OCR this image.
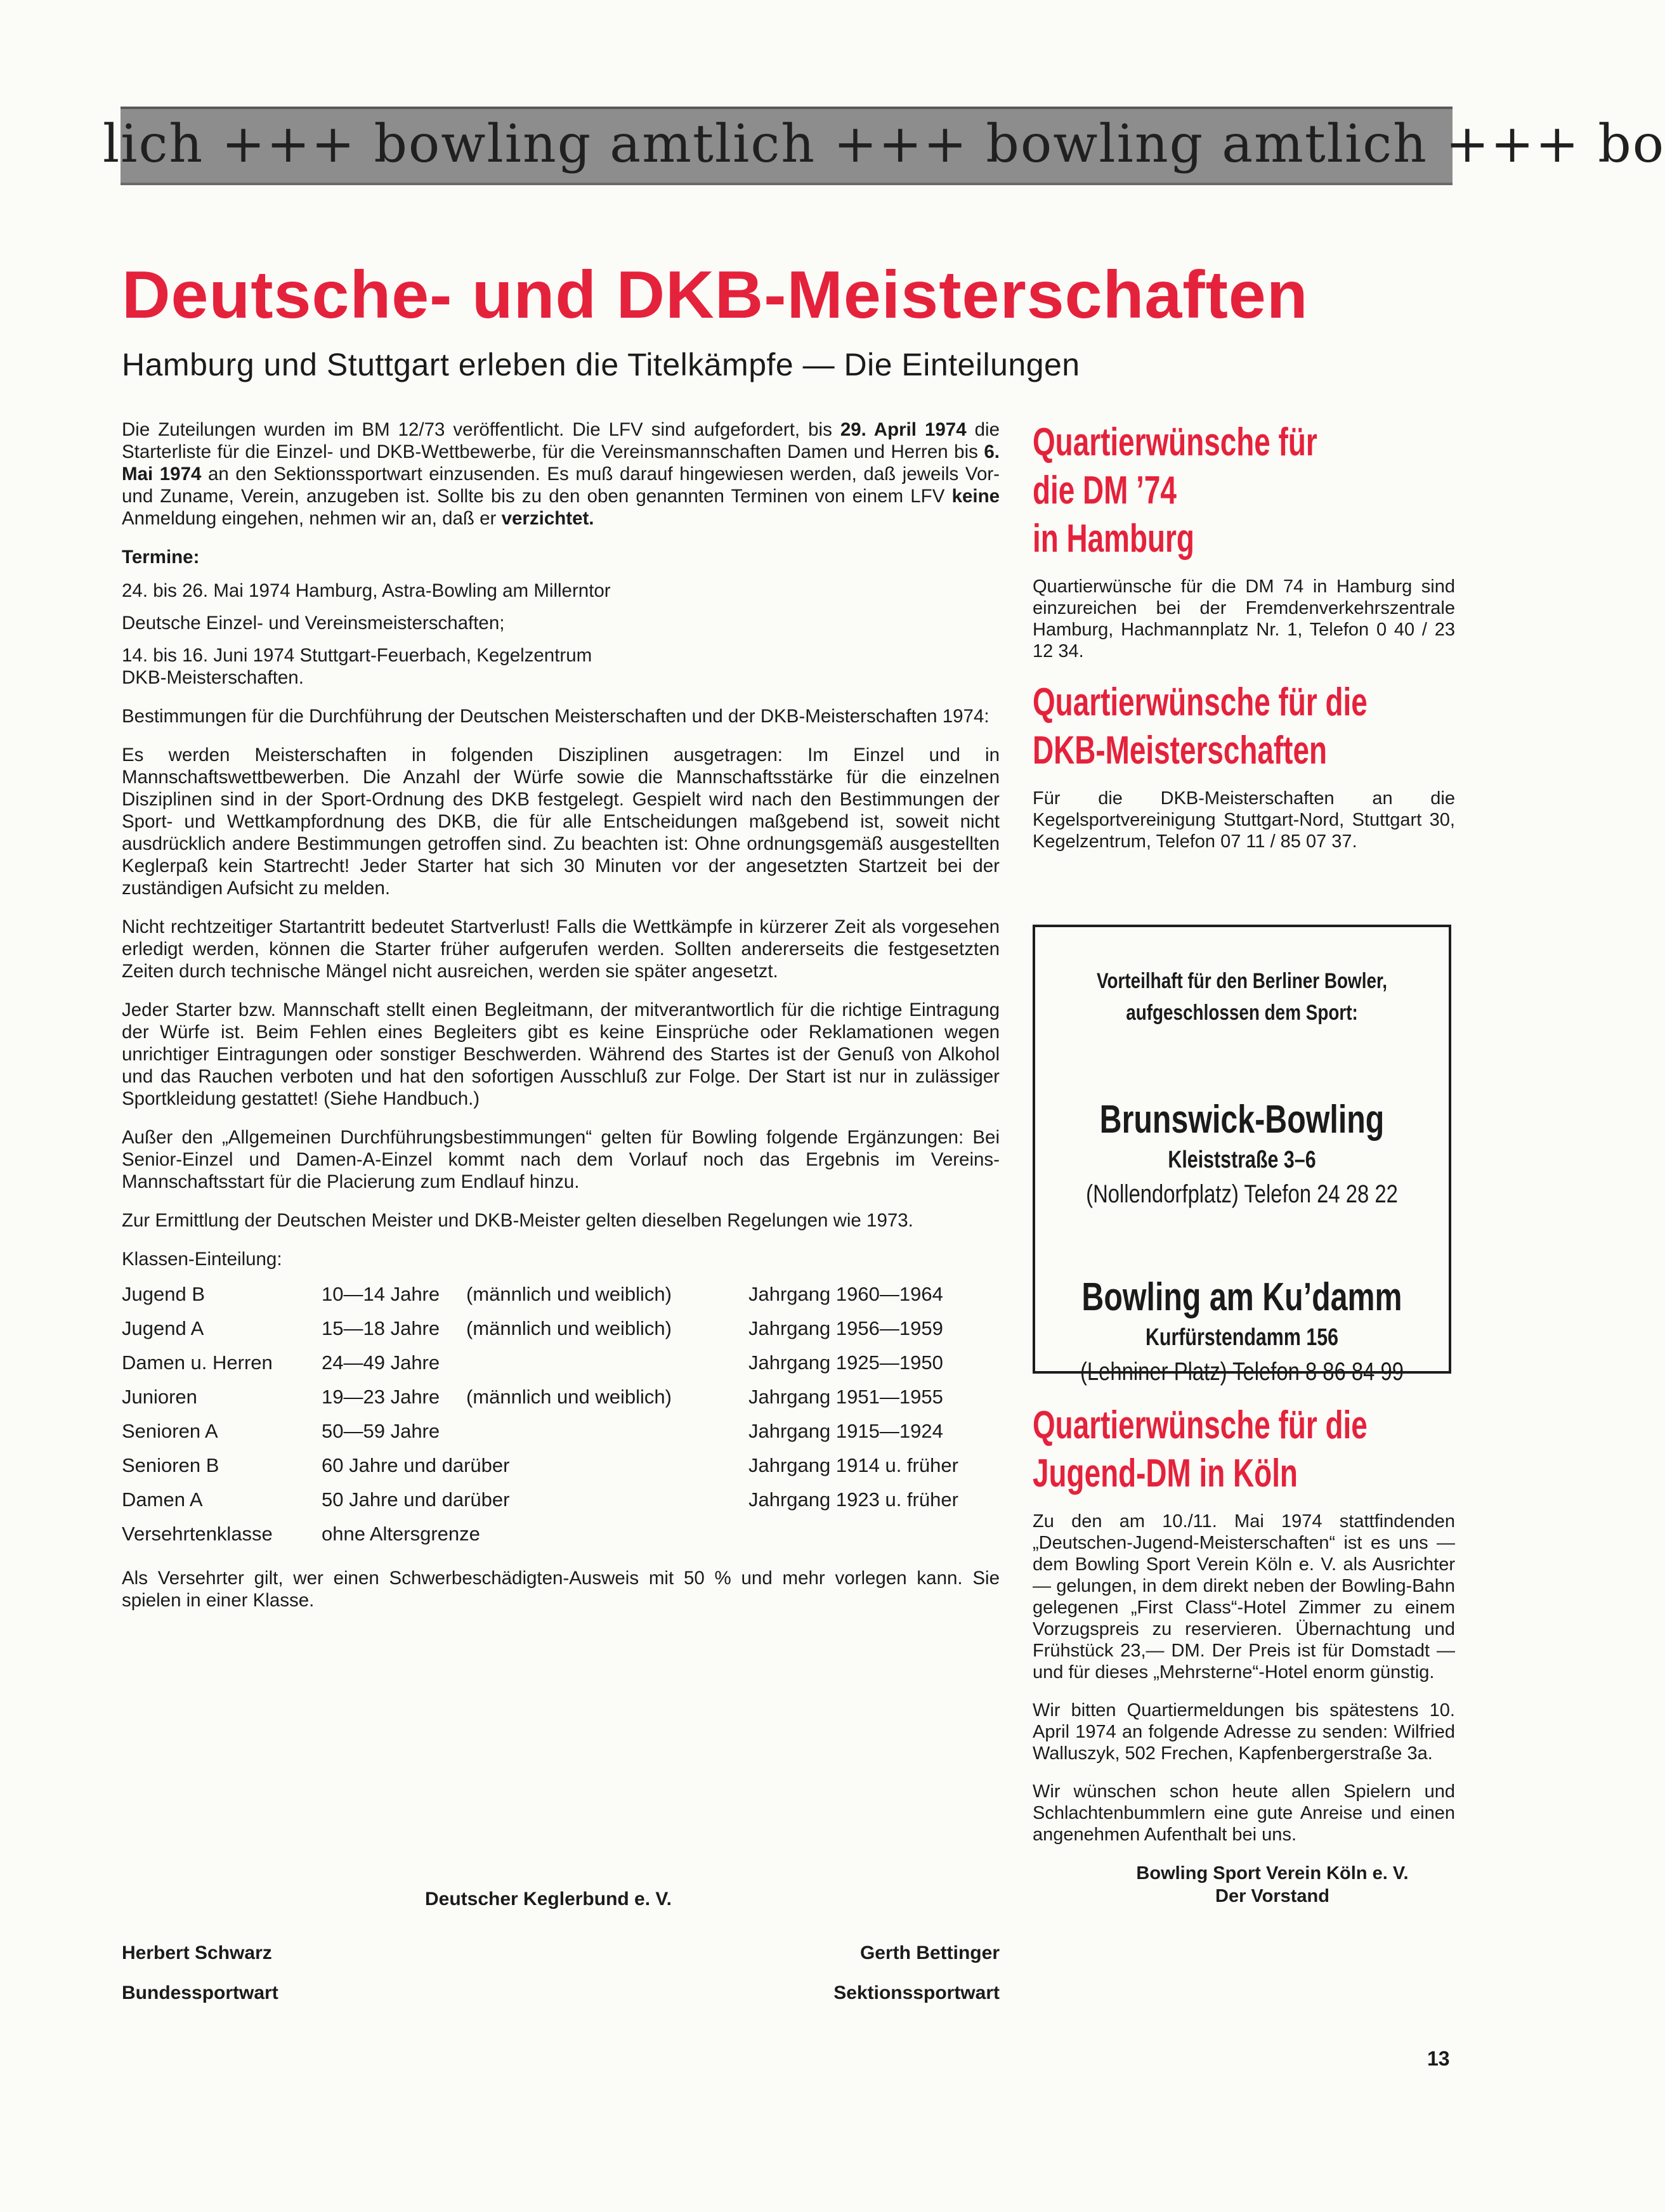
lich +++ bowling amtlich +++ bowling amtlich +++ bo
Deutsche- und DKB-Meisterschaften
Hamburg und Stuttgart erleben die Titelkämpfe — Die Einteilungen

Die Zuteilungen wurden im BM 12/73 veröffentlicht. Die LFV sind aufgefordert, bis 29. April 1974 die Starterliste für die Einzel- und DKB-Wettbewerbe, für die Vereinsmannschaften Damen und Herren bis 6. Mai 1974 an den Sektionssportwart einzusenden. Es muß darauf hingewiesen werden, daß jeweils Vor- und Zuname, Verein, anzugeben ist. Sollte bis zu den oben genannten Terminen von einem LFV keine Anmeldung eingehen, nehmen wir an, daß er verzichtet.

Termine:

24. bis 26. Mai 1974 Hamburg, Astra-Bowling am Millerntor

Deutsche Einzel- und Vereinsmeisterschaften;

14. bis 16. Juni 1974 Stuttgart-Feuerbach, Kegelzentrum

DKB-Meisterschaften.

Bestimmungen für die Durchführung der Deutschen Meisterschaften und der DKB-Meisterschaften 1974:

Es werden Meisterschaften in folgenden Disziplinen ausgetragen: Im Einzel und in Mannschaftswettbewerben. Die Anzahl der Würfe sowie die Mannschaftsstärke für die einzelnen Disziplinen sind in der Sport-Ordnung des DKB festgelegt. Gespielt wird nach den Bestimmungen der Sport- und Wettkampfordnung des DKB, die für alle Entscheidungen maßgebend ist, soweit nicht ausdrücklich andere Bestimmungen getroffen sind. Zu beachten ist: Ohne ordnungsgemäß ausgestellten Keglerpaß kein Startrecht! Jeder Starter hat sich 30 Minuten vor der angesetzten Startzeit bei der zuständigen Aufsicht zu melden.

Nicht rechtzeitiger Startantritt bedeutet Startverlust! Falls die Wettkämpfe in kürzerer Zeit als vorgesehen erledigt werden, können die Starter früher aufgerufen werden. Sollten andererseits die festgesetzten Zeiten durch technische Mängel nicht ausreichen, werden sie später angesetzt.

Jeder Starter bzw. Mannschaft stellt einen Begleitmann, der mitverantwortlich für die richtige Eintragung der Würfe ist. Beim Fehlen eines Begleiters gibt es keine Einsprüche oder Reklamationen wegen unrichtiger Eintragungen oder sonstiger Beschwerden. Während des Startes ist der Genuß von Alkohol und das Rauchen verboten und hat den sofortigen Ausschluß zur Folge. Der Start ist nur in zulässiger Sportkleidung gestattet! (Siehe Handbuch.)

Außer den „Allgemeinen Durchführungsbestimmungen“ gelten für Bowling folgende Ergänzungen: Bei Senior-Einzel und Damen-A-Einzel kommt nach dem Vorlauf noch das Ergebnis im Vereins-Mannschaftsstart für die Placierung zum Endlauf hinzu.

Zur Ermittlung der Deutschen Meister und DKB-Meister gelten dieselben Regelungen wie 1973.

Klassen-Einteilung:

Jugend B	10—14 Jahre	(männlich und weiblich)	Jahrgang 1960—1964
Jugend A	15—18 Jahre	(männlich und weiblich)	Jahrgang 1956—1959
Damen u. Herren	24—49 Jahre		Jahrgang 1925—1950
Junioren	19—23 Jahre	(männlich und weiblich)	Jahrgang 1951—1955
Senioren A	50—59 Jahre		Jahrgang 1915—1924
Senioren B	60 Jahre und darüber		Jahrgang 1914 u. früher
Damen A	50 Jahre und darüber		Jahrgang 1923 u. früher
Versehrtenklasse	ohne Altersgrenze		

Als Versehrter gilt, wer einen Schwerbeschädigten-Ausweis mit 50 % und mehr vorlegen kann. Sie spielen in einer Klasse.

Deutscher Keglerbund e. V.
Herbert Schwarz
Bundessportwart
Gerth Bettinger
Sektionssportwart
Quartierwünsche für
die DM ’74
in Hamburg

Quartierwünsche für die DM 74 in Hamburg sind einzureichen bei der Fremdenverkehrszentrale Hamburg, Hachmannplatz Nr. 1, Telefon 0 40 / 23 12 34.

Quartierwünsche für die
DKB-Meisterschaften

Für die DKB-Meisterschaften an die Kegelsportvereinigung Stuttgart-Nord, Stuttgart 30, Kegelzentrum, Telefon 07 11 / 85 07 37.

Vorteilhaft für den Berliner Bowler,
aufgeschlossen dem Sport:
Brunswick-Bowling
Kleiststraße 3–6
(Nollendorfplatz) Telefon 24 28 22
Bowling am Ku’damm
Kurfürstendamm 156
(Lehniner Platz) Telefon 8 86 84 99
Quartierwünsche für die
Jugend-DM in Köln

Zu den am 10./11. Mai 1974 stattfindenden „Deutschen-Jugend-Meisterschaften“ ist es uns — dem Bowling Sport Verein Köln e. V. als Ausrichter — gelungen, in dem direkt neben der Bowling-Bahn gelegenen „First Class“-Hotel Zimmer zu einem Vorzugspreis zu reservieren. Übernachtung und Frühstück 23,— DM. Der Preis ist für Domstadt — und für dieses „Mehrsterne“-Hotel enorm günstig.

Wir bitten Quartiermeldungen bis spätestens 10. April 1974 an folgende Adresse zu senden: Wilfried Walluszyk, 502 Frechen, Kapfenbergerstraße 3a.

Wir wünschen schon heute allen Spielern und Schlachtenbummlern eine gute Anreise und einen angenehmen Aufenthalt bei uns.

Bowling Sport Verein Köln e. V.
Der Vorstand
13
